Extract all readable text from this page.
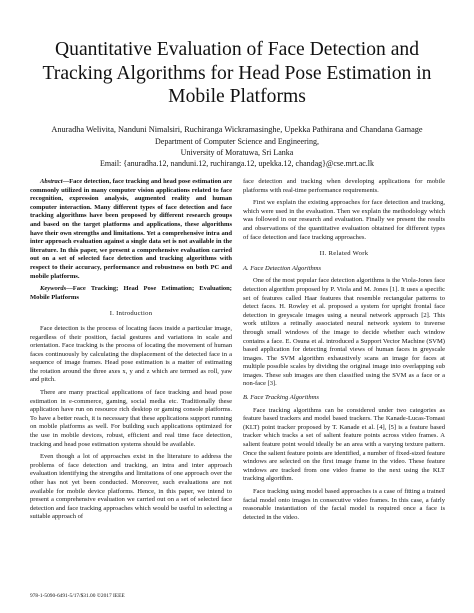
Quantitative Evaluation of Face Detection and
Tracking Algorithms for Head Pose Estimation in
Mobile Platforms
Anuradha Welivita, Nanduni Nimalsiri, Ruchiranga Wickramasinghe, Upekka Pathirana and Chandana Gamage
Department of Computer Science and Engineering,
University of Moratuwa, Sri Lanka
Email: {anuradha.12, nanduni.12, ruchiranga.12, upekka.12, chandag}@cse.mrt.ac.lk

Abstract—Face detection, face tracking and head pose estimation are commonly utilized in many computer vision applications related to face recognition, expression analysis, augmented reality and human computer interaction. Many different types of face detection and face tracking algorithms have been proposed by different research groups and based on the target platforms and applications, these algorithms have their own strengths and limitations. Yet a comprehensive intra and inter approach evaluation against a single data set is not available in the literature. In this paper, we present a comprehensive evaluation carried out on a set of selected face detection and tracking algorithms with respect to their accuracy, performance and robustness on both PC and mobile platforms.

Keywords—Face Tracking; Head Pose Estimation; Evaluation; Mobile Platforms

I. Introduction

Face detection is the process of locating faces inside a particular image, regardless of their position, facial gestures and variations in scale and orientation. Face tracking is the process of locating the movement of human faces continuously by calculating the displacement of the detected face in a sequence of image frames. Head pose estimation is a matter of estimating the rotation around the three axes x, y and z which are termed as roll, yaw and pitch.

There are many practical applications of face tracking and head pose estimation in e-commerce, gaming, social media etc. Traditionally these application have run on resource rich desktop or gaming console platforms. To have a better reach, it is necessary that these applications support running on mobile platforms as well. For building such applications optimized for the use in mobile devices, robust, efficient and real time face detection, tracking and head pose estimation systems should be available.

Even though a lot of approaches exist in the literature to address the problems of face detection and tracking, an intra and inter approach evaluation identifying the strengths and limitations of one approach over the other has not yet been conducted. Moreover, such evaluations are not available for mobile device platforms. Hence, in this paper, we intend to present a comprehensive evaluation we carried out on a set of selected face detection and face tracking approaches which would be useful in selecting a suitable approach of

face detection and tracking when developing applications for mobile platforms with real-time performance requirements.

First we explain the existing approaches for face detection and tracking, which were used in the evaluation. Then we explain the methodology which was followed in our research and evaluation. Finally we present the results and observations of the quantitative evaluation obtained for different types of face detection and face tracking approaches.

II. Related Work
A. Face Detection Algorithms

One of the most popular face detection algorithms is the Viola-Jones face detection algorithm proposed by P. Viola and M. Jones [1]. It uses a specific set of features called Haar features that resemble rectangular patterns to detect faces. H. Rowley et al. proposed a system for upright frontal face detection in greyscale images using a neural network approach [2]. This work utilizes a retinally associated neural network system to traverse through small windows of the image to decide whether each window contains a face. E. Osuna et al. introduced a Support Vector Machine (SVM) based application for detecting frontal views of human faces in greyscale images. The SVM algorithm exhaustively scans an image for faces at multiple possible scales by dividing the original image into overlapping sub images. These sub images are then classified using the SVM as a face or a non-face [3].

B. Face Tracking Algorithms

Face tracking algorithms can be considered under two categories as feature based trackers and model based trackers. The Kanade-Lucas-Tomasi (KLT) point tracker proposed by T. Kanade et al. [4], [5] is a feature based tracker which tracks a set of salient feature points across video frames. A salient feature point would ideally be an area with a varying texture pattern. Once the salient feature points are identified, a number of fixed-sized feature windows are selected on the first image frame in the video. These feature windows are tracked from one video frame to the next using the KLT tracking algorithm.

Face tracking using model based approaches is a case of fitting a trained facial model onto images in consecutive video frames. In this case, a fairly reasonable instantiation of the facial model is required once a face is detected in the video.

978-1-5090-6491-5/17/$31.00 ©2017 IEEE
